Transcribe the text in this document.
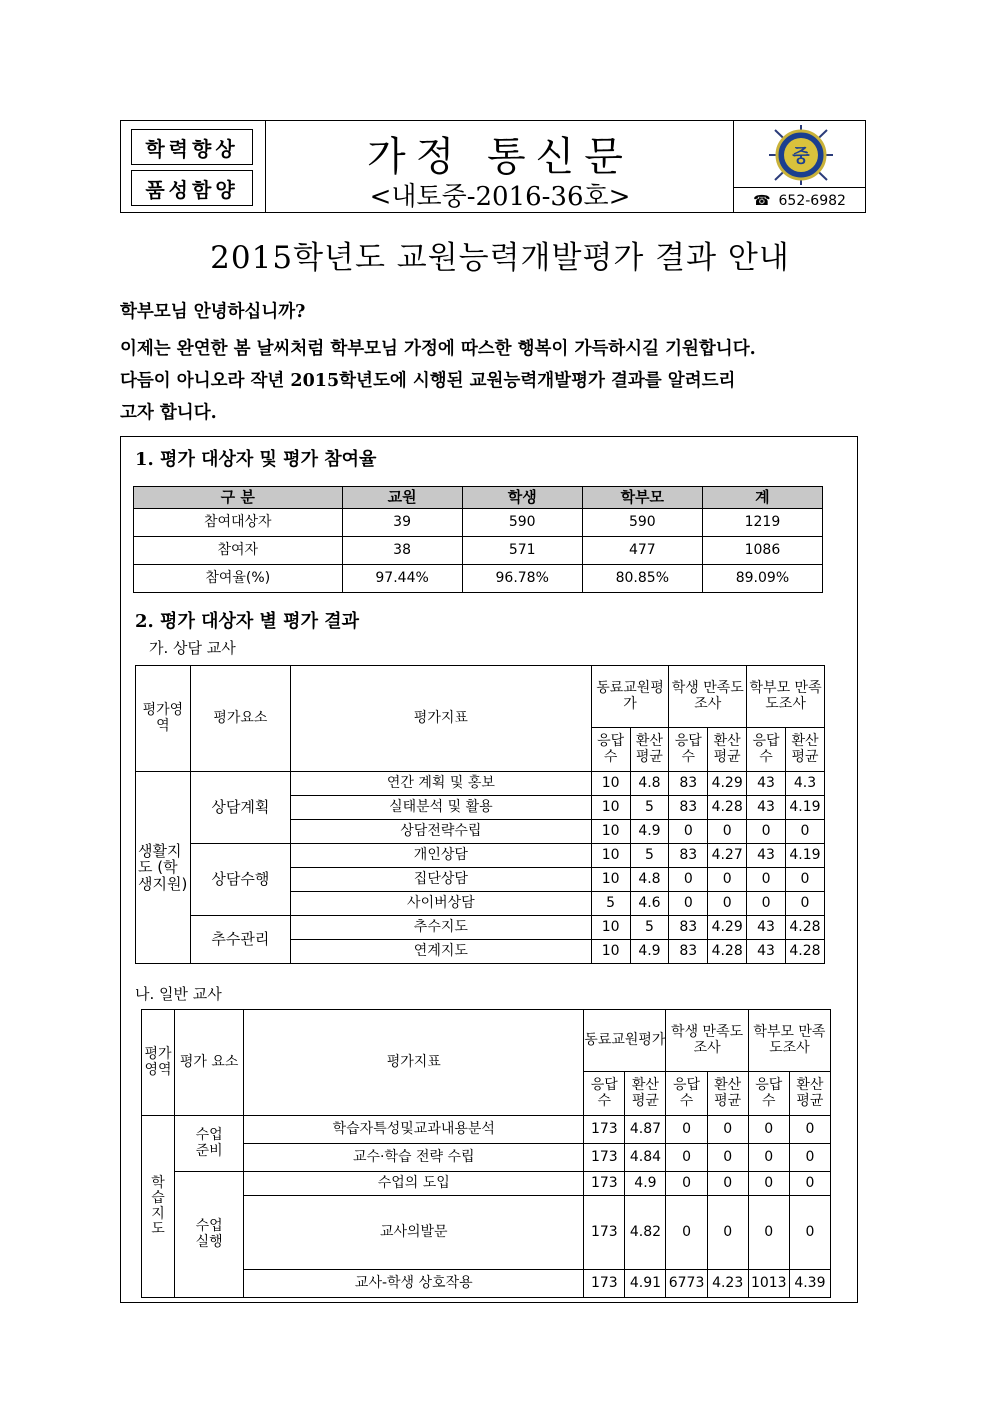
학력향상
품성함양
가정 통신문
<내토중-2016-36호>
중
☎ 652-6982
2015학년도 교원능력개발평가 결과 안내
학부모님 안녕하십니까?
이제는 완연한 봄 날씨처럼 학부모님 가정에 따스한 행복이 가득하시길 기원합니다.
다듬이 아니오라 작년 2015학년도에 시행된 교원능력개발평가 결과를 알려드리
고자 합니다.
1. 평가 대상자 및 평가 참여율
구 분	교원	학생	학부모	계
참여대상자	39	590	590	1219
참여자	38	571	477	1086
참여율(%)	97.44%	96.78%	80.85%	89.09%
2. 평가 대상자 별 평가 결과
가. 상담 교사
평가영역	평가요소	평가지표	동료교원평가		학생 만족도조사		학부모 만족도조사	
			응답수	환산평균	응답수	환산평균	응답수	환산평균
생활지도 (학생지원)	상담계획	연간 계획 및 홍보	10	4.8	83	4.29	43	4.3
		실태분석 및 활용	10	5	83	4.28	43	4.19
		상담전략수립	10	4.9	0	0	0	0
	상담수행	개인상담	10	5	83	4.27	43	4.19
		집단상담	10	4.8	0	0	0	0
		사이버상담	5	4.6	0	0	0	0
	추수관리	추수지도	10	5	83	4.29	43	4.28
		연계지도	10	4.9	83	4.28	43	4.28
나. 일반 교사
평가영역	평가 요소	평가지표	동료교원평가		학생 만족도조사		학부모 만족도조사	
			응답수	환산평균	응답수	환산평균	응답수	환산평균
학습지도	수업 준비	학습자특성및교과내용분석	173	4.87	0	0	0	0
		교수·학습 전략 수립	173	4.84	0	0	0	0
	수업 실행	수업의 도입	173	4.9	0	0	0	0
		교사의발문	173	4.82	0	0	0	0
		교사-학생 상호작용	173	4.91	6773	4.23	1013	4.39
